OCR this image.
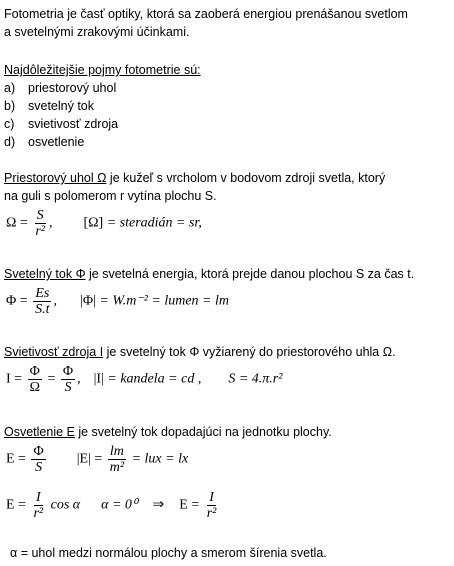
Fotometria je časť optiky, ktorá sa zaoberá energiou prenášanou svetlom
a svetelnými zrakovými účinkami.
Najdôležitejšie pojmy fotometrie sú:
a) priestorový uhol
b) svetelný tok
c) svietivosť zdroja
d) osvetlenie
Priestorový uhol Ω je kužeľ s vrcholom v bodovom zdroji svetla, ktorý
na guli s polomerom r vytína plochu S.
$\Omega = \frac{S}{\text{r²}}$ , [Ω] = steradián = sr,
Svetelný tok Φ je svetelná energia, ktorá prejde danou plochou S za čas t.
$\Phi = \frac{Es}{S.t}$ , |Φ| = W.m⁻² = lumen = lm
Svietivosť zdroja I je svetelný tok Φ vyžiarený do priestorového uhla Ω.
$I = \frac{\Phi}{\Omega} = \frac{\Phi}{S}$ , |I| = kandela = cd , S = 4.π.r²
Osvetlenie E je svetelný tok dopadajúci na jednotku plochy.
$E = \frac{\Phi}{S} |E| = \frac{lm}{\text{m²}}$ = lux = lx
$E = \frac{I}{\text{r²}}$ cos α α = 0⁰ ⇒ $E = \frac{I}{\text{r²}}$
α = uhol medzi normálou plochy a smerom šírenia svetla.
